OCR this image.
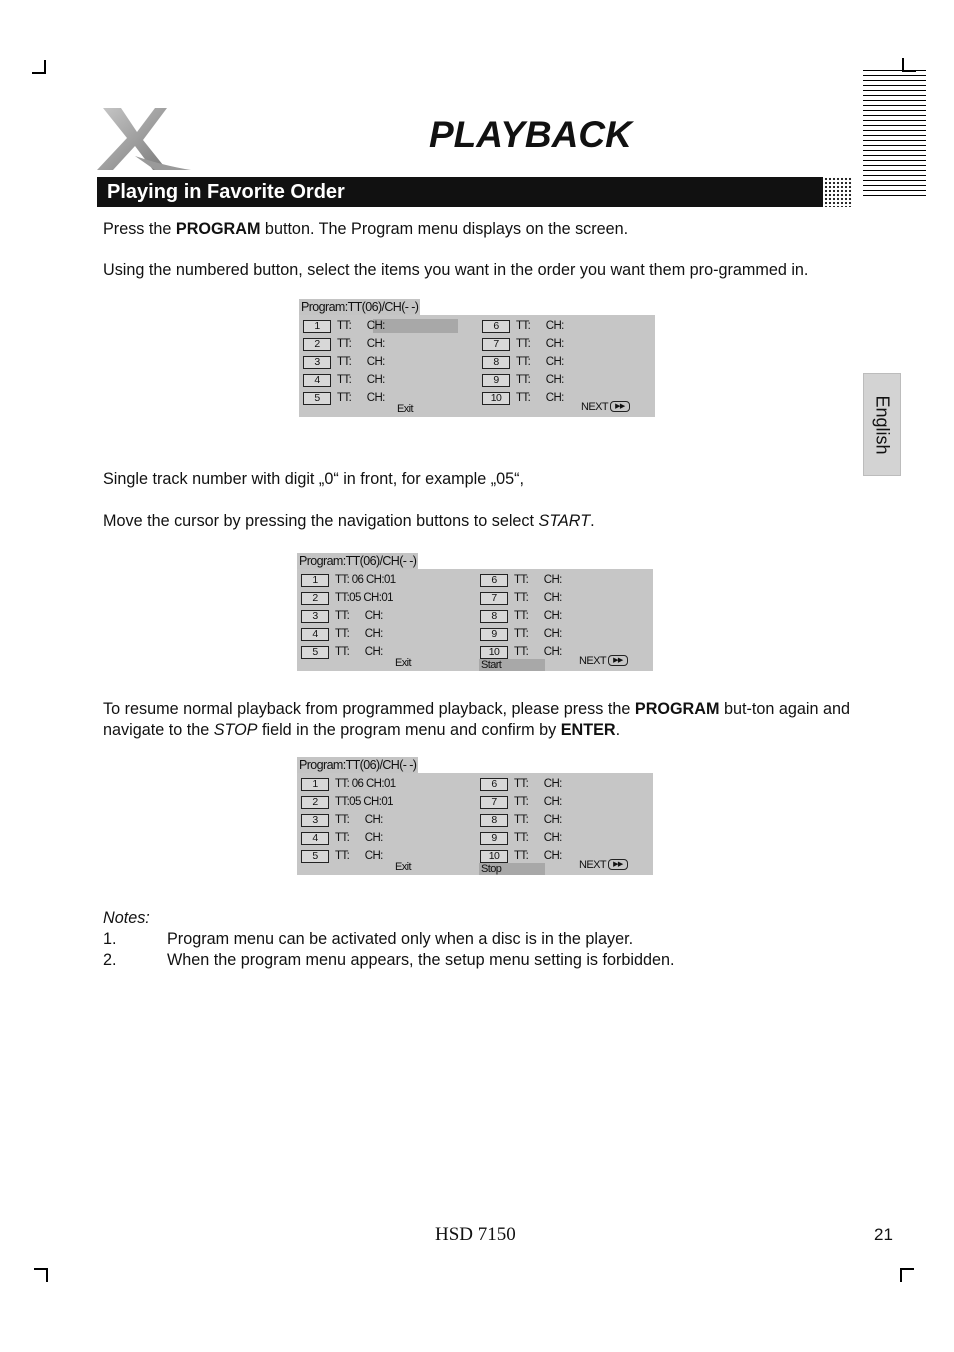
PLAYBACK
Playing in Favorite Order
English

Press the PROGRAM button. The Program menu displays on the screen.

Using the numbered button, select the items you want in the order you want them pro-grammed in.

Program:TT(06)/CH(- -)
1	TT:      CH:
2	TT:      CH:
3	TT:      CH:
4	TT:      CH:
5	TT:      CH:
6	TT:      CH:
7	TT:      CH:
8	TT:      CH:
9	TT:      CH:
10	TT:      CH:
Exit	NEXT ▶▶

Single track number with digit „0“ in front, for example „05“,

Move the cursor by pressing the navigation buttons to select START.

Program:TT(06)/CH(- -)
1	TT: 06 CH:01
2	TT:05 CH:01
3	TT:      CH:
4	TT:      CH:
5	TT:      CH:
6	TT:      CH:
7	TT:      CH:
8	TT:      CH:
9	TT:      CH:
10	TT:      CH:
Exit	Start	NEXT ▶▶

To resume normal playback from programmed playback, please press the PROGRAM but-ton again and navigate to the STOP field in the program menu and confirm by ENTER.

Program:TT(06)/CH(- -)
1	TT: 06 CH:01
2	TT:05 CH:01
3	TT:      CH:
4	TT:      CH:
5	TT:      CH:
6	TT:      CH:
7	TT:      CH:
8	TT:      CH:
9	TT:      CH:
10	TT:      CH:
Exit	Stop	NEXT ▶▶
Notes:
1.	Program menu can be activated only when a disc is in the player.
2.	When the program menu appears, the setup menu setting is forbidden.
HSD 7150	21
